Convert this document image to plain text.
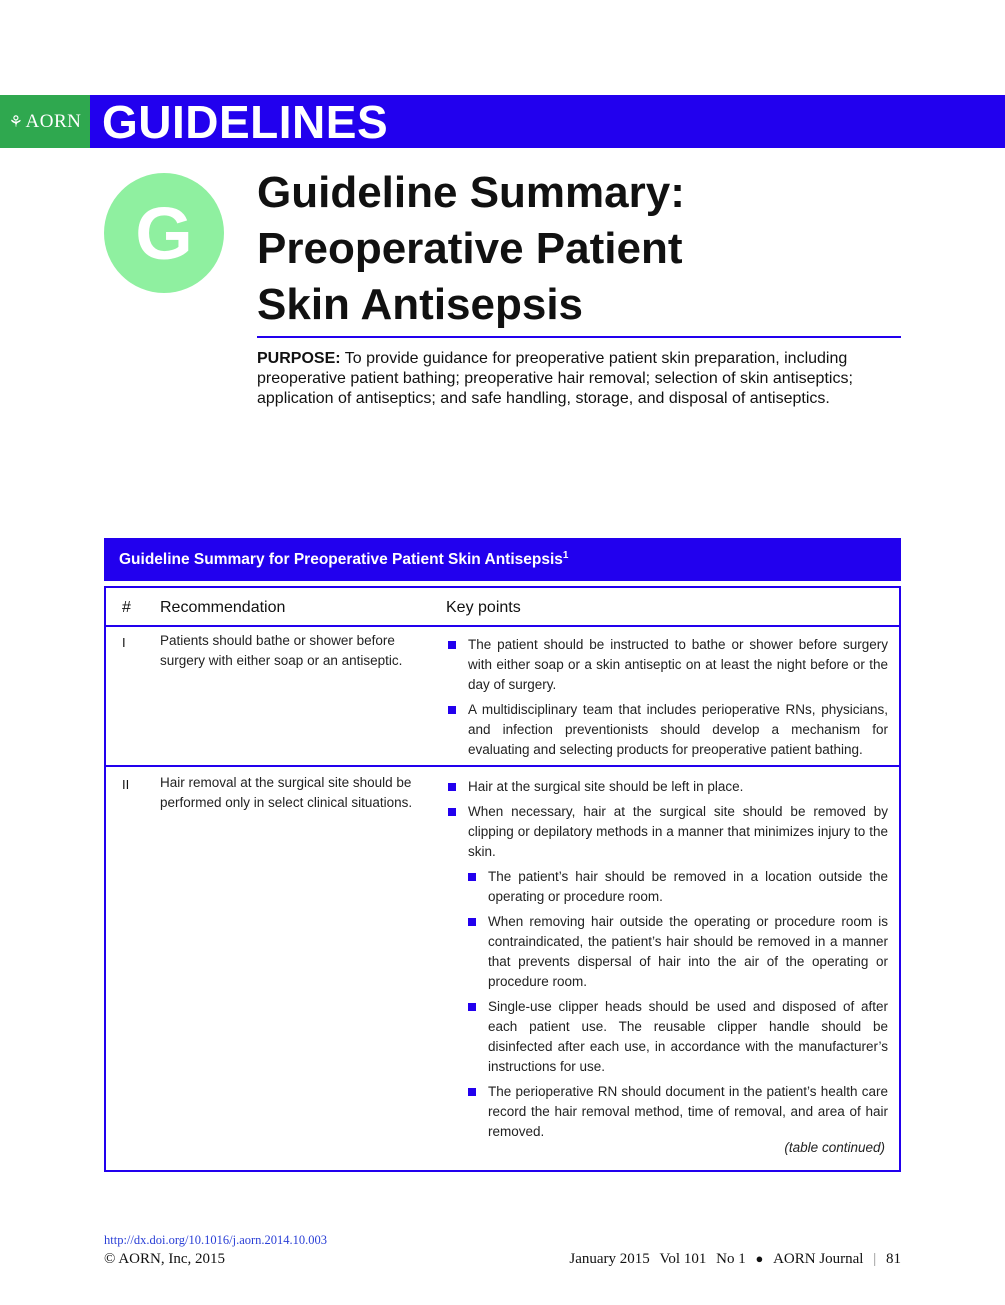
⚘ AORN GUIDELINES
G	Guideline Summary:
Preoperative Patient
Skin Antisepsis

PURPOSE: To provide guidance for preoperative patient skin preparation, including preoperative patient bathing; preoperative hair removal; selection of skin antiseptics; application of antiseptics; and safe handling, storage, and disposal of antiseptics.

Guideline Summary for Preoperative Patient Skin Antisepsis$^1$
# Recommendation	Key points
I	Patients should bathe or shower before surgery with either soap or an antiseptic.

The patient should be instructed to bathe or shower before surgery with either soap or a skin antiseptic on at least the night before or the day of surgery.
A multidisciplinary team that includes perioperative RNs, physicians, and infection preventionists should develop a mechanism for evaluating and selecting products for preoperative patient bathing.
II Hair removal at the surgical site should be performed only in select clinical situations.

Hair at the surgical site should be left in place.
When necessary, hair at the surgical site should be removed by clipping or depilatory methods in a manner that minimizes injury to the skin.
The patient’s hair should be removed in a location outside the operating or procedure room.
When removing hair outside the operating or procedure room is contraindicated, the patient’s hair should be removed in a manner that prevents dispersal of hair into the air of the operating or procedure room.
Single-use clipper heads should be used and disposed of after each patient use. The reusable clipper handle should be disinfected after each use, in accordance with the manufacturer’s instructions for use.
The perioperative RN should document in the patient’s health care record the hair removal method, time of removal, and area of hair removed.
(table continued)
http://dx.doi.org/10.1016/j.aorn.2014.10.003
© AORN, Inc, 2015	January 2015 Vol 101 No 1 ● AORN Journal | 81
